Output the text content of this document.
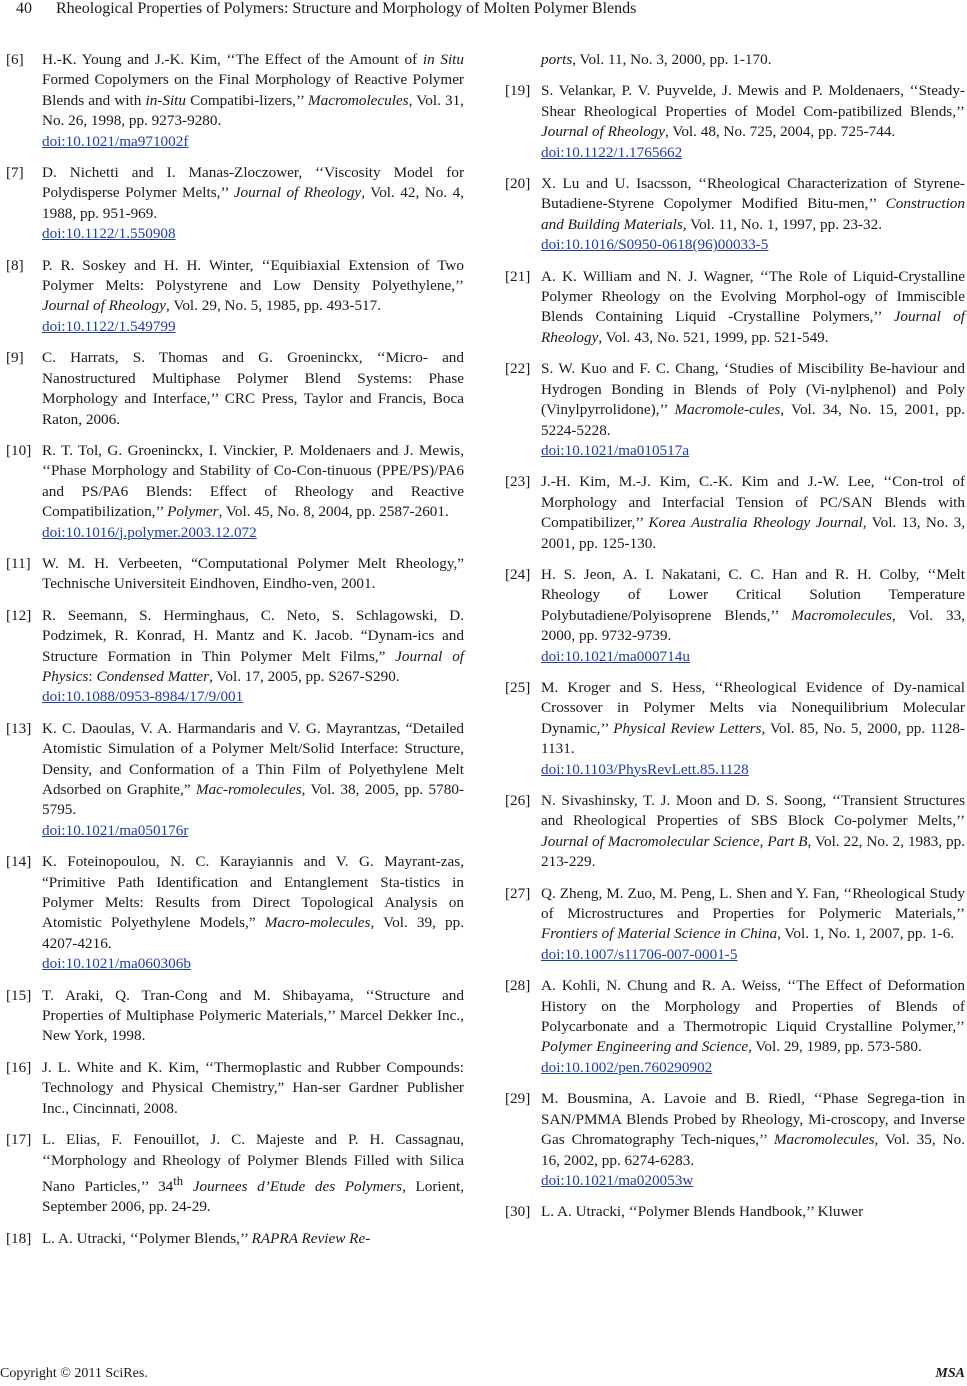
40 Rheological Properties of Polymers: Structure and Morphology of Molten Polymer Blends
[6] H.-K. Young and J.-K. Kim, ‘‘The Effect of the Amount of in Situ Formed Copolymers on the Final Morphology of Reactive Polymer Blends and with in-Situ Compatibi-lizers,’’ Macromolecules, Vol. 31, No. 26, 1998, pp. 9273-9280.
doi:10.1021/ma971002f
[7] D. Nichetti and I. Manas-Zloczower, ‘‘Viscosity Model for Polydisperse Polymer Melts,’’ Journal of Rheology, Vol. 42, No. 4, 1988, pp. 951-969.
doi:10.1122/1.550908
[8] P. R. Soskey and H. H. Winter, ‘‘Equibiaxial Extension of Two Polymer Melts: Polystyrene and Low Density Polyethylene,’’ Journal of Rheology, Vol. 29, No. 5, 1985, pp. 493-517.
doi:10.1122/1.549799
[9] C. Harrats, S. Thomas and G. Groeninckx, ‘‘Micro- and Nanostructured Multiphase Polymer Blend Systems: Phase Morphology and Interface,’’ CRC Press, Taylor and Francis, Boca Raton, 2006.
[10] R. T. Tol, G. Groeninckx, I. Vinckier, P. Moldenaers and J. Mewis, ‘‘Phase Morphology and Stability of Co-Con-tinuous (PPE/PS)/PA6 and PS/PA6 Blends: Effect of Rheology and Reactive Compatibilization,’’ Polymer, Vol. 45, No. 8, 2004, pp. 2587-2601.
doi:10.1016/j.polymer.2003.12.072
[11] W. M. H. Verbeeten, “Computational Polymer Melt Rheology,” Technische Universiteit Eindhoven, Eindho-ven, 2001.
[12] R. Seemann, S. Herminghaus, C. Neto, S. Schlagowski, D. Podzimek, R. Konrad, H. Mantz and K. Jacob. “Dynam-ics and Structure Formation in Thin Polymer Melt Films,” Journal of Physics: Condensed Matter, Vol. 17, 2005, pp. S267-S290.
doi:10.1088/0953-8984/17/9/001
[13] K. C. Daoulas, V. A. Harmandaris and V. G. Mayrantzas, “Detailed Atomistic Simulation of a Polymer Melt/Solid Interface: Structure, Density, and Conformation of a Thin Film of Polyethylene Melt Adsorbed on Graphite,” Mac-romolecules, Vol. 38, 2005, pp. 5780-5795.
doi:10.1021/ma050176r
[14] K. Foteinopoulou, N. C. Karayiannis and V. G. Mayrant-zas, “Primitive Path Identification and Entanglement Sta-tistics in Polymer Melts: Results from Direct Topological Analysis on Atomistic Polyethylene Models,” Macro-molecules, Vol. 39, pp. 4207-4216.
doi:10.1021/ma060306b
[15] T. Araki, Q. Tran-Cong and M. Shibayama, ‘‘Structure and Properties of Multiphase Polymeric Materials,’’ Marcel Dekker Inc., New York, 1998.
[16] J. L. White and K. Kim, ‘‘Thermoplastic and Rubber Compounds: Technology and Physical Chemistry,” Han-ser Gardner Publisher Inc., Cincinnati, 2008.
[17] L. Elias, F. Fenouillot, J. C. Majeste and P. H. Cassagnau, ‘‘Morphology and Rheology of Polymer Blends Filled with Silica Nano Particles,’’ 34th Journees d’Etude des Polymers, Lorient, September 2006, pp. 24-29.
[18] L. A. Utracki, ‘‘Polymer Blends,’’ RAPRA Review Re-
ports, Vol. 11, No. 3, 2000, pp. 1-170.
[19] S. Velankar, P. V. Puyvelde, J. Mewis and P. Moldenaers, ‘‘Steady-Shear Rheological Properties of Model Com-patibilized Blends,’’ Journal of Rheology, Vol. 48, No. 725, 2004, pp. 725-744.
doi:10.1122/1.1765662
[20] X. Lu and U. Isacsson, ‘‘Rheological Characterization of Styrene-Butadiene-Styrene Copolymer Modified Bitu-men,’’ Construction and Building Materials, Vol. 11, No. 1, 1997, pp. 23-32.
doi:10.1016/S0950-0618(96)00033-5
[21] A. K. William and N. J. Wagner, ‘‘The Role of Liquid-Crystalline Polymer Rheology on the Evolving Morphol-ogy of Immiscible Blends Containing Liquid -Crystalline Polymers,’’ Journal of Rheology, Vol. 43, No. 521, 1999, pp. 521-549.
[22] S. W. Kuo and F. C. Chang, ‘Studies of Miscibility Be-haviour and Hydrogen Bonding in Blends of Poly (Vi-nylphenol) and Poly (Vinylpyrrolidone),’’ Macromole-cules, Vol. 34, No. 15, 2001, pp. 5224-5228.
doi:10.1021/ma010517a
[23] J.-H. Kim, M.-J. Kim, C.-K. Kim and J.-W. Lee, ‘‘Con-trol of Morphology and Interfacial Tension of PC/SAN Blends with Compatibilizer,’’ Korea Australia Rheology Journal, Vol. 13, No. 3, 2001, pp. 125-130.
[24] H. S. Jeon, A. I. Nakatani, C. C. Han and R. H. Colby, ‘‘Melt Rheology of Lower Critical Solution Temperature Polybutadiene/Polyisoprene Blends,’’ Macromolecules, Vol. 33, 2000, pp. 9732-9739.
doi:10.1021/ma000714u
[25] M. Kroger and S. Hess, ‘‘Rheological Evidence of Dy-namical Crossover in Polymer Melts via Nonequilibrium Molecular Dynamic,’’ Physical Review Letters, Vol. 85, No. 5, 2000, pp. 1128-1131.
doi:10.1103/PhysRevLett.85.1128
[26] N. Sivashinsky, T. J. Moon and D. S. Soong, ‘‘Transient Structures and Rheological Properties of SBS Block Co-polymer Melts,’’ Journal of Macromolecular Science, Part B, Vol. 22, No. 2, 1983, pp. 213-229.
[27] Q. Zheng, M. Zuo, M. Peng, L. Shen and Y. Fan, ‘‘Rheological Study of Microstructures and Properties for Polymeric Materials,’’ Frontiers of Material Science in China, Vol. 1, No. 1, 2007, pp. 1-6.
doi:10.1007/s11706-007-0001-5
[28] A. Kohli, N. Chung and R. A. Weiss, ‘‘The Effect of Deformation History on the Morphology and Properties of Blends of Polycarbonate and a Thermotropic Liquid Crystalline Polymer,’’ Polymer Engineering and Science, Vol. 29, 1989, pp. 573-580.
doi:10.1002/pen.760290902
[29] M. Bousmina, A. Lavoie and B. Riedl, ‘‘Phase Segrega-tion in SAN/PMMA Blends Probed by Rheology, Mi-croscopy, and Inverse Gas Chromatography Tech-niques,’’ Macromolecules, Vol. 35, No. 16, 2002, pp. 6274-6283.
doi:10.1021/ma020053w
[30] L. A. Utracki, ‘‘Polymer Blends Handbook,’’ Kluwer
Copyright © 2011 SciRes.	MSA
